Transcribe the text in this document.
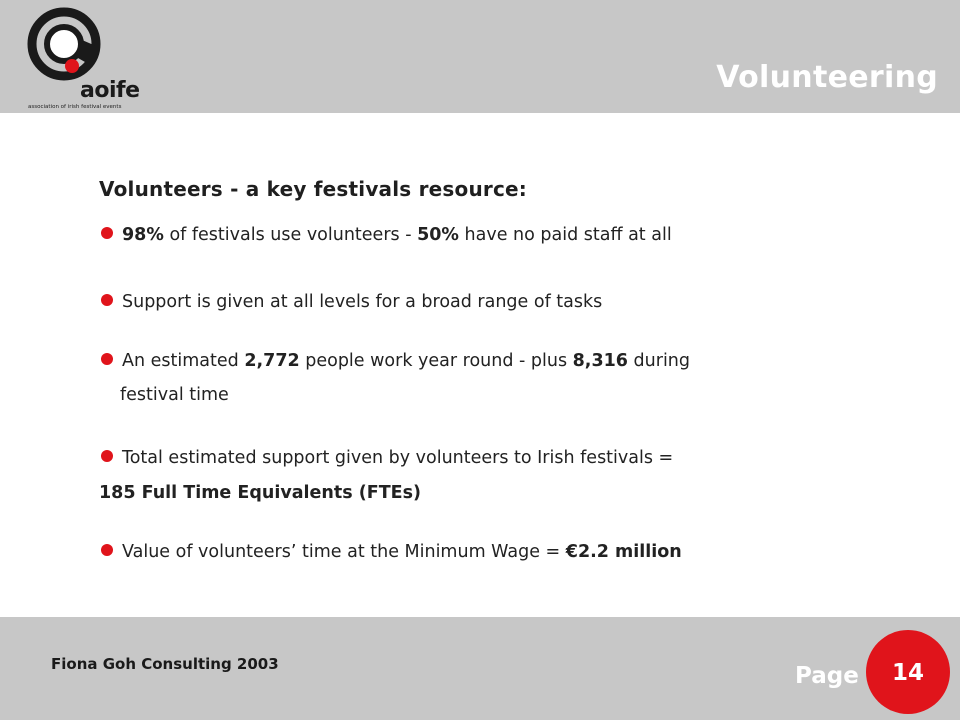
aoife
association of irish festival events
Volunteering
Volunteers - a key festivals resource:
98% of festivals use volunteers - 50% have no paid staff at all
Support is given at all levels for a broad range of tasks
An estimated 2,772 people work year round - plus 8,316 during
festival time
Total estimated support given by volunteers to Irish festivals =
185 Full Time Equivalents (FTEs)
Value of volunteers’ time at the Minimum Wage = €2.2 million
Fiona Goh Consulting 2003	Page	14
